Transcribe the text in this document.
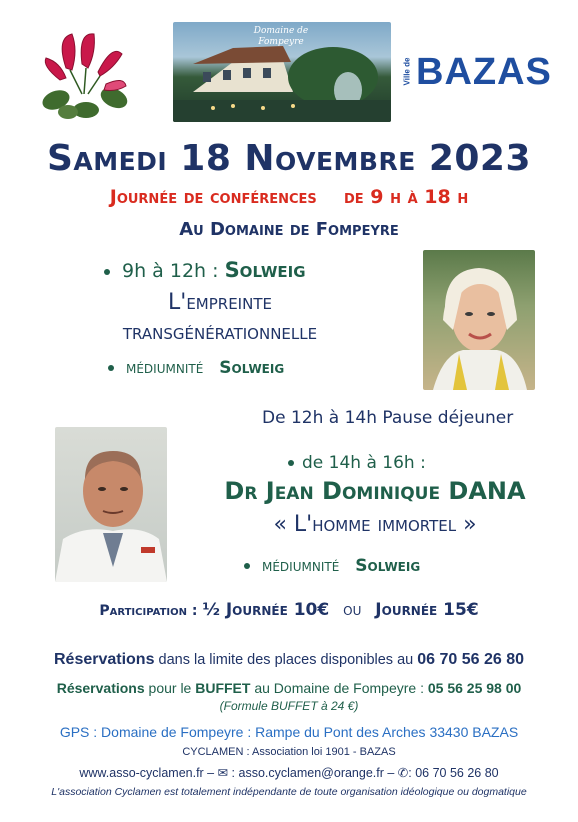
Domaine de Fompeyre
Ville de BAZAS
Samedi 18 Novembre 2023
Journée de conférences de 9 h à 18 h
Au Domaine de Fompeyre
9h à 12h : Solweig
L'empreinte
transgénérationnelle
médiumnité Solweig
De 12h à 14h Pause déjeuner
de 14h à 16h :
Dr Jean Dominique DANA
« L'homme immortel »
médiumnité Solweig
Participation : ½ Journée 10€ ou Journée 15€
Réservations dans la limite des places disponibles au 06 70 56 26 80
Réservations pour le BUFFET au Domaine de Fompeyre : 05 56 25 98 00
(Formule BUFFET à 24 €)
GPS : Domaine de Fompeyre : Rampe du Pont des Arches 33430 BAZAS
CYCLAMEN : Association loi 1901 - BAZAS
www.asso-cyclamen.fr – ✉ : asso.cyclamen@orange.fr – ✆: 06 70 56 26 80
L'association Cyclamen est totalement indépendante de toute organisation idéologique ou dogmatique
